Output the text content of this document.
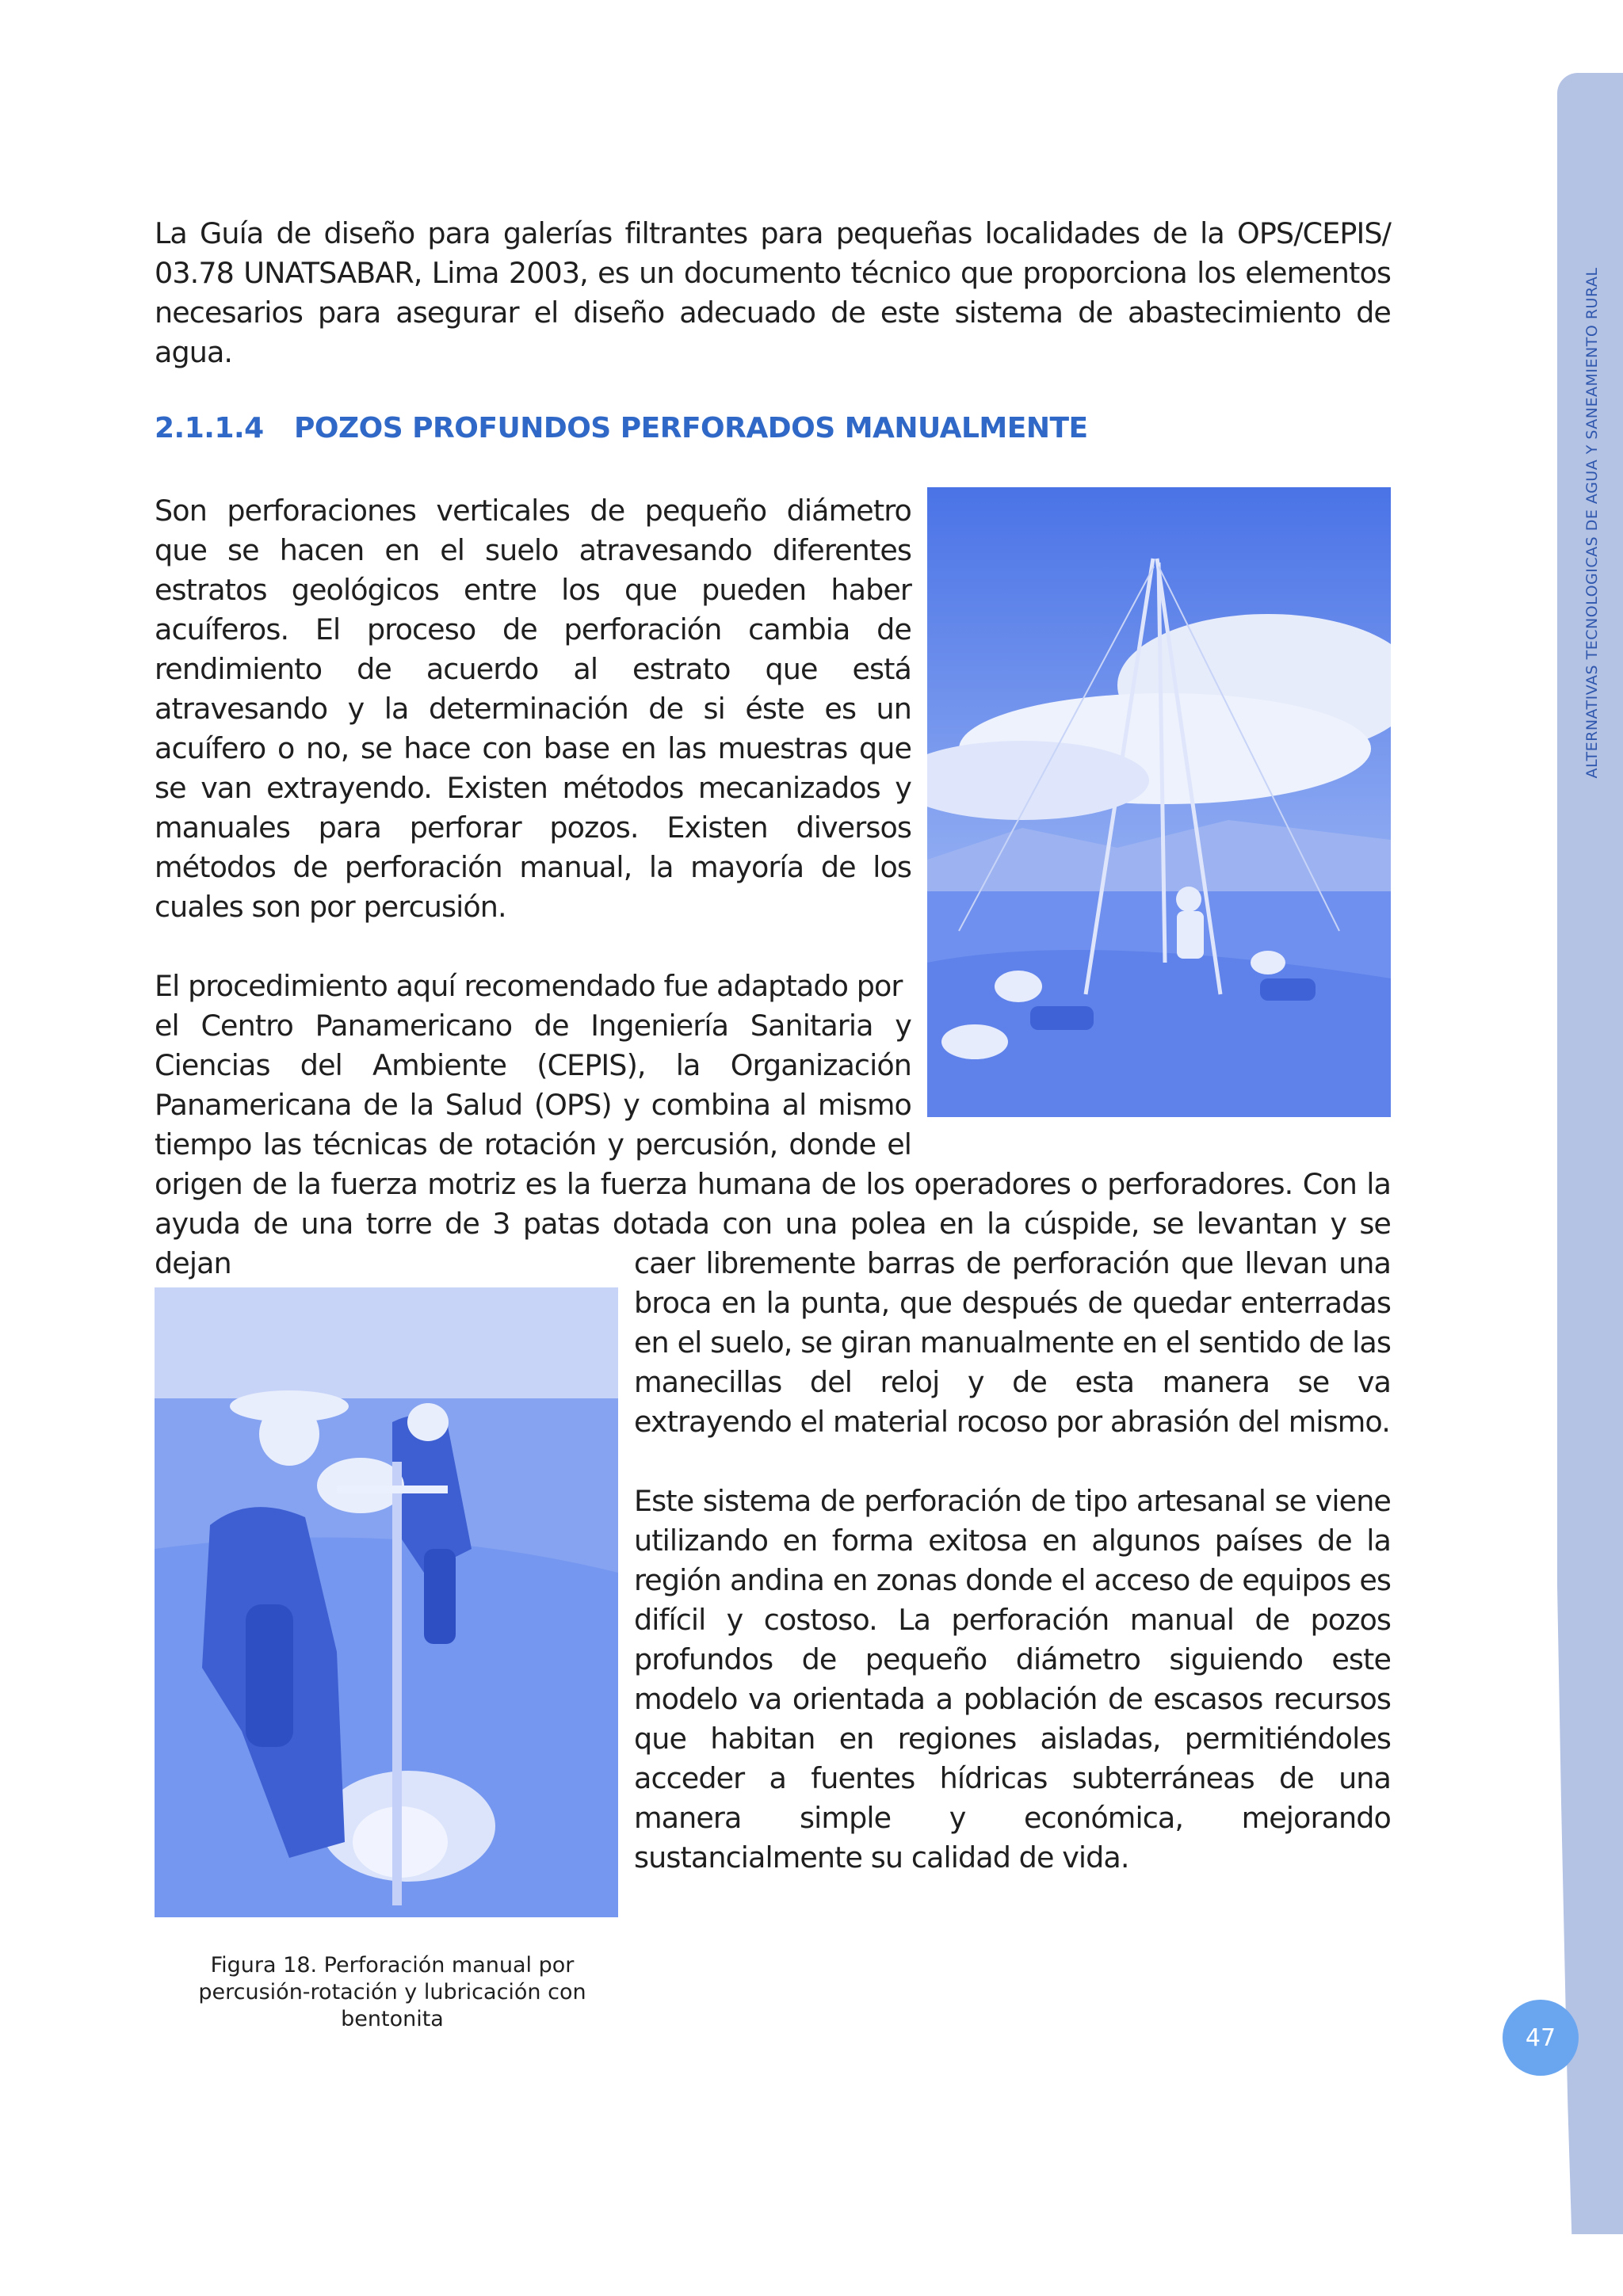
ALTERNATIVAS TECNOLOGICAS DE AGUA Y SANEAMIENTO RURAL
47

La Guía de diseño para galerías filtrantes para pequeñas localidades de la OPS/CEPIS/ 03.78 UNATSABAR, Lima 2003, es un documento técnico que proporciona los elementos necesarios para asegurar el diseño adecuado de este sistema de abastecimiento de agua.

2.1.1.4 POZOS PROFUNDOS PERFORADOS MANUALMENTE

Son perforaciones verticales de pequeño diámetro que se hacen en el suelo atravesando diferentes estratos geológicos entre los que pueden haber acuíferos. El proceso de perforación cambia de rendimiento de acuerdo al estrato que está atravesando y la determinación de si éste es un acuífero o no, se hace con base en las muestras que se van extrayendo. Existen métodos mecanizados y manuales para perforar pozos. Existen diversos métodos de perforación manual, la mayoría de los cuales son por percusión.

El procedimiento aquí recomendado fue adaptado por

el Centro Panamericano de Ingeniería Sanitaria y

Ciencias del Ambiente (CEPIS), la Organización

Panamericana de la Salud (OPS) y combina al mismo

tiempo las técnicas de rotación y percusión, donde el

origen de la fuerza motriz es la fuerza humana de los operadores o perforadores. Con la

ayuda de una torre de 3 patas dotada con una polea en la cúspide, se levantan y se dejan	caer libremente barras de perforación que llevan una broca en la punta, que después de quedar enterradas en el suelo, se giran manualmente en el sentido de las manecillas del reloj y de esta manera se va extrayendo el material rocoso por abrasión del mismo.

Este sistema de perforación de tipo artesanal se viene utilizando en forma exitosa en algunos países de la región andina en zonas donde el acceso de equipos es difícil y costoso. La perforación manual de pozos profundos de pequeño diámetro siguiendo este modelo va orientada a población de escasos recursos que habitan en regiones aisladas, permitiéndoles acceder a fuentes hídricas subterráneas de una manera simple y económica, mejorando sustancialmente su calidad de vida.

Figura 18. Perforación manual por percusión-rotación y lubricación con bentonita
